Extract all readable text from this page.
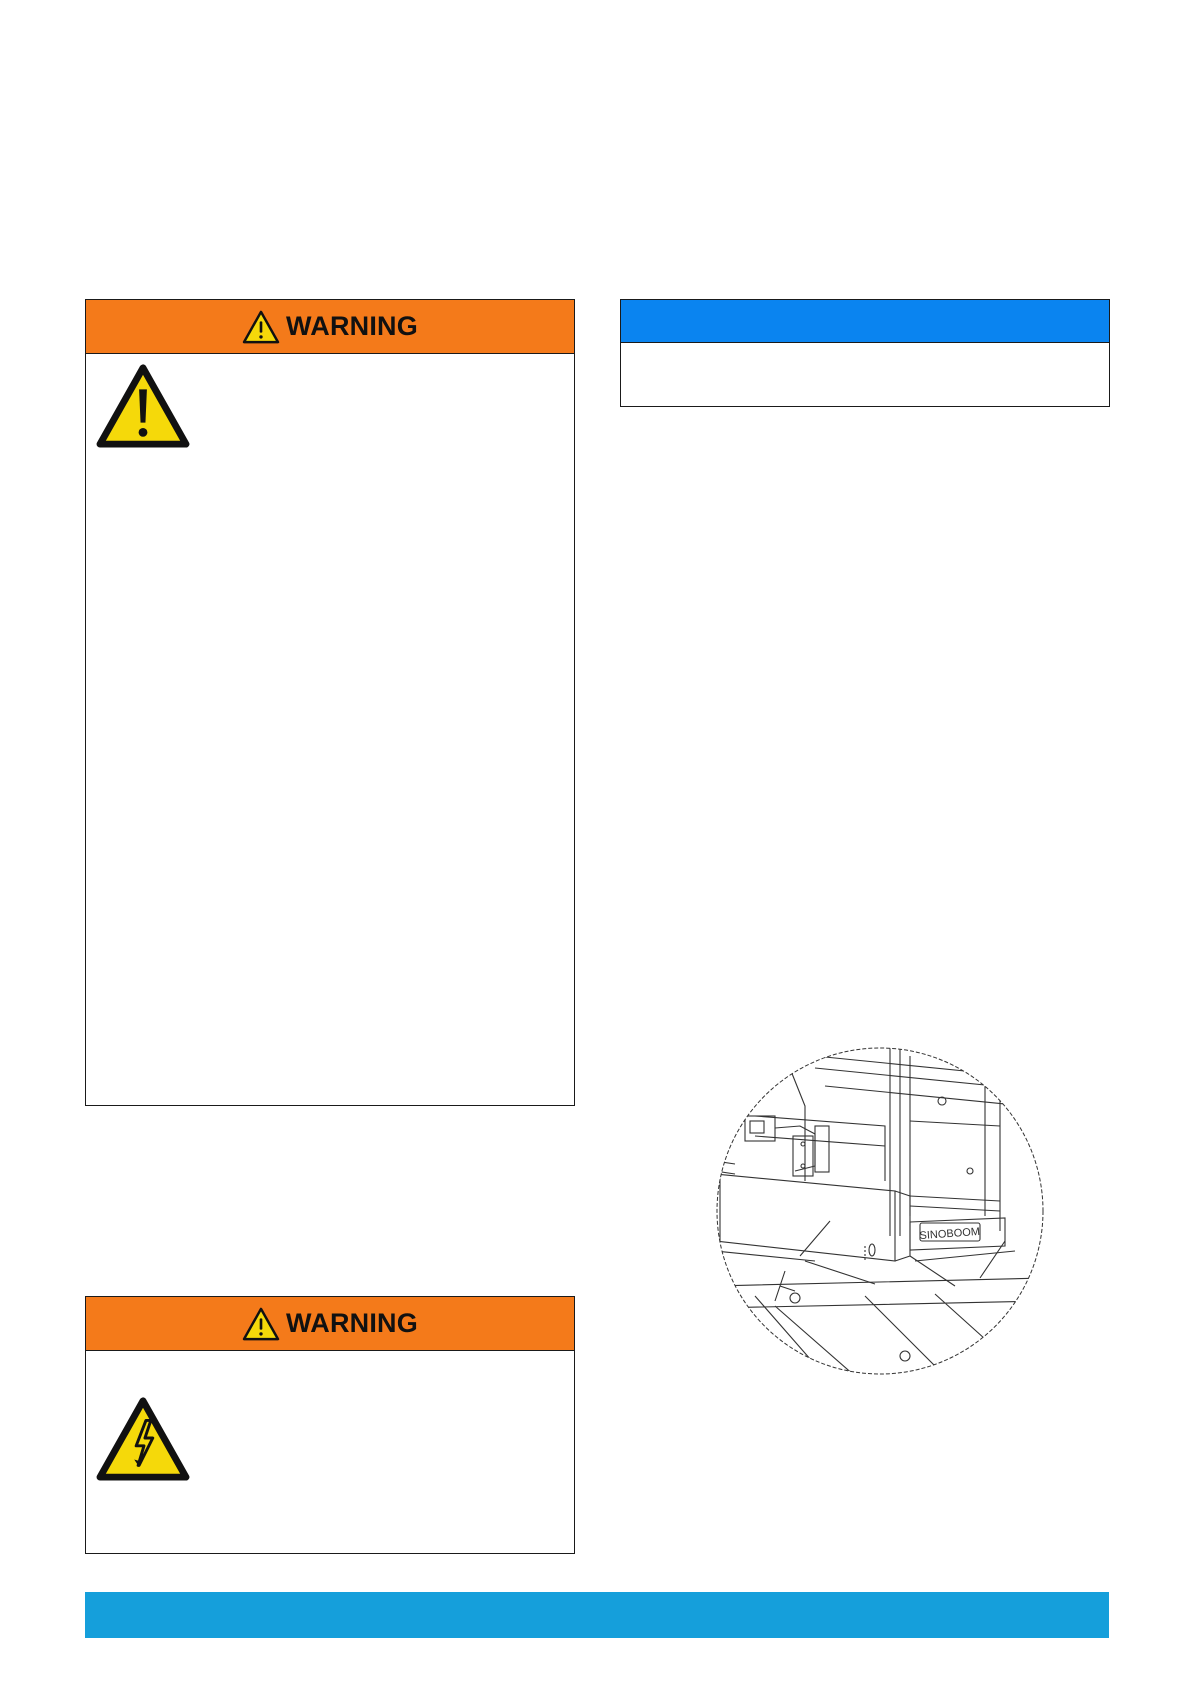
WARNING
WARNING
SINOBOOM
